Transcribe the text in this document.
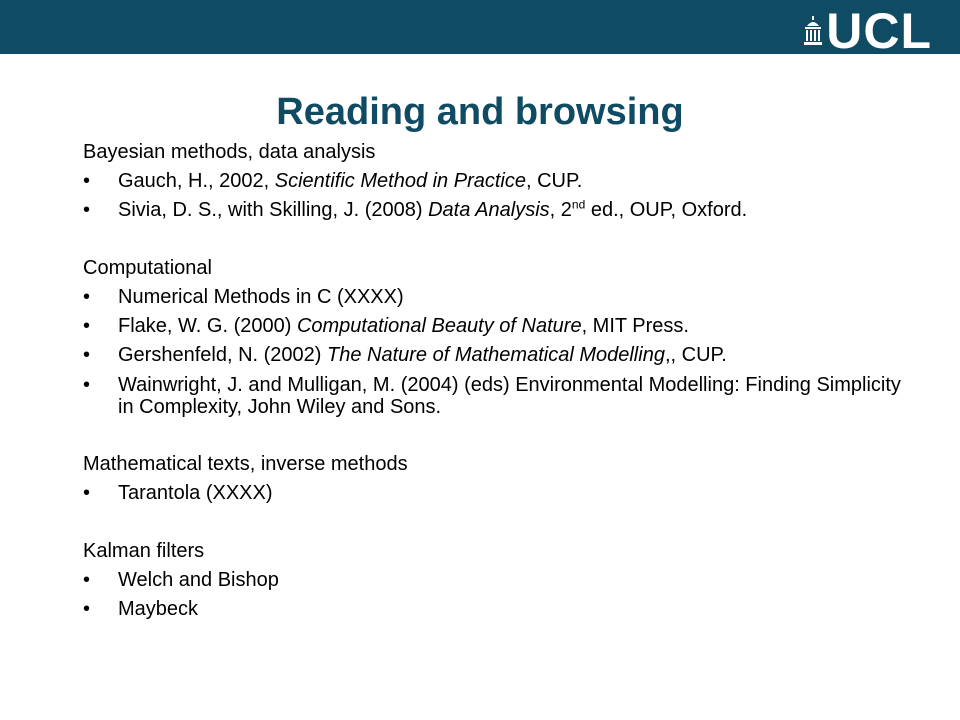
UCL
Reading and browsing
Bayesian methods, data analysis
• Gauch, H., 2002, Scientific Method in Practice, CUP.
• Sivia, D. S., with Skilling, J. (2008) Data Analysis, 2nd ed., OUP, Oxford.
Computational
• Numerical Methods in C (XXXX)
• Flake, W. G. (2000) Computational Beauty of Nature, MIT Press.
• Gershenfeld, N. (2002) The Nature of Mathematical Modelling,, CUP.
• Wainwright, J. and Mulligan, M. (2004) (eds) Environmental Modelling: Finding Simplicity in Complexity, John Wiley and Sons.
Mathematical texts, inverse methods
• Tarantola (XXXX)
Kalman filters
• Welch and Bishop
• Maybeck
